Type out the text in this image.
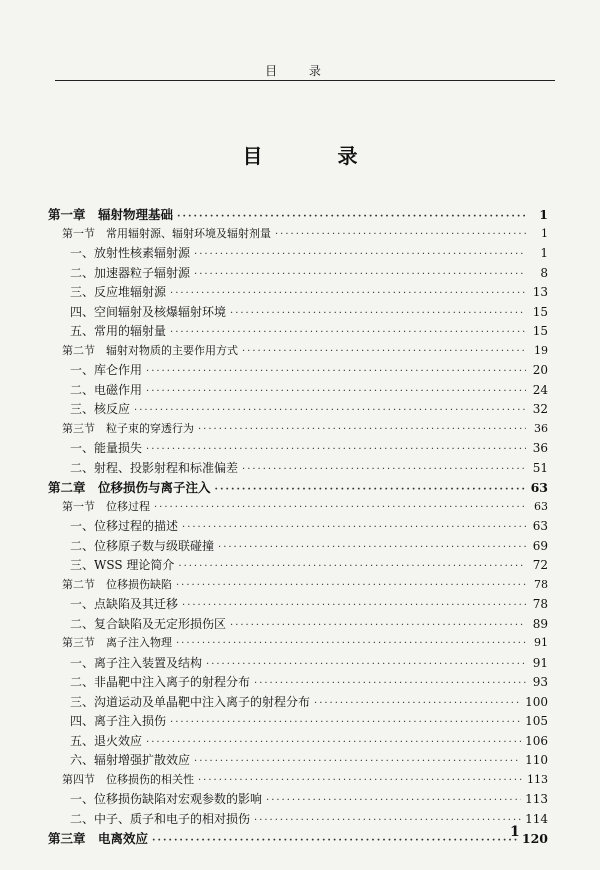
目 录
目 录
第一章　辐射物理基础 ·····	1
第一节　常用辐射源、辐射环境及辐射剂量 ·····	1
一、放射性核素辐射源 ·····	1
二、加速器粒子辐射源 ·····	8
三、反应堆辐射源 ·····	13
四、空间辐射及核爆辐射环境 ·····	15
五、常用的辐射量 ·····	15
第二节　辐射对物质的主要作用方式 ·····	19
一、库仑作用 ·····	20
二、电磁作用 ·····	24
三、核反应 ·····	32
第三节　粒子束的穿透行为 ·····	36
一、能量损失 ·····	36
二、射程、投影射程和标准偏差 ·····	51
第二章　位移损伤与离子注入 ·····	63
第一节　位移过程 ·····	63
一、位移过程的描述 ·····	63
二、位移原子数与级联碰撞 ·····	69
三、WSS 理论简介 ·····	72
第二节　位移损伤缺陷 ·····	78
一、点缺陷及其迁移 ·····	78
二、复合缺陷及无定形损伤区 ·····	89
第三节　离子注入物理 ·····	91
一、离子注入装置及结构 ·····	91
二、非晶靶中注入离子的射程分布 ·····	93
三、沟道运动及单晶靶中注入离子的射程分布 ·····	100
四、离子注入损伤 ·····	105
五、退火效应 ·····	106
六、辐射增强扩散效应 ·····	110
第四节　位移损伤的相关性 ·····	113
一、位移损伤缺陷对宏观参数的影响 ·····	113
二、中子、质子和电子的相对损伤 ·····	114
第三章　电离效应 ·····	120
1
